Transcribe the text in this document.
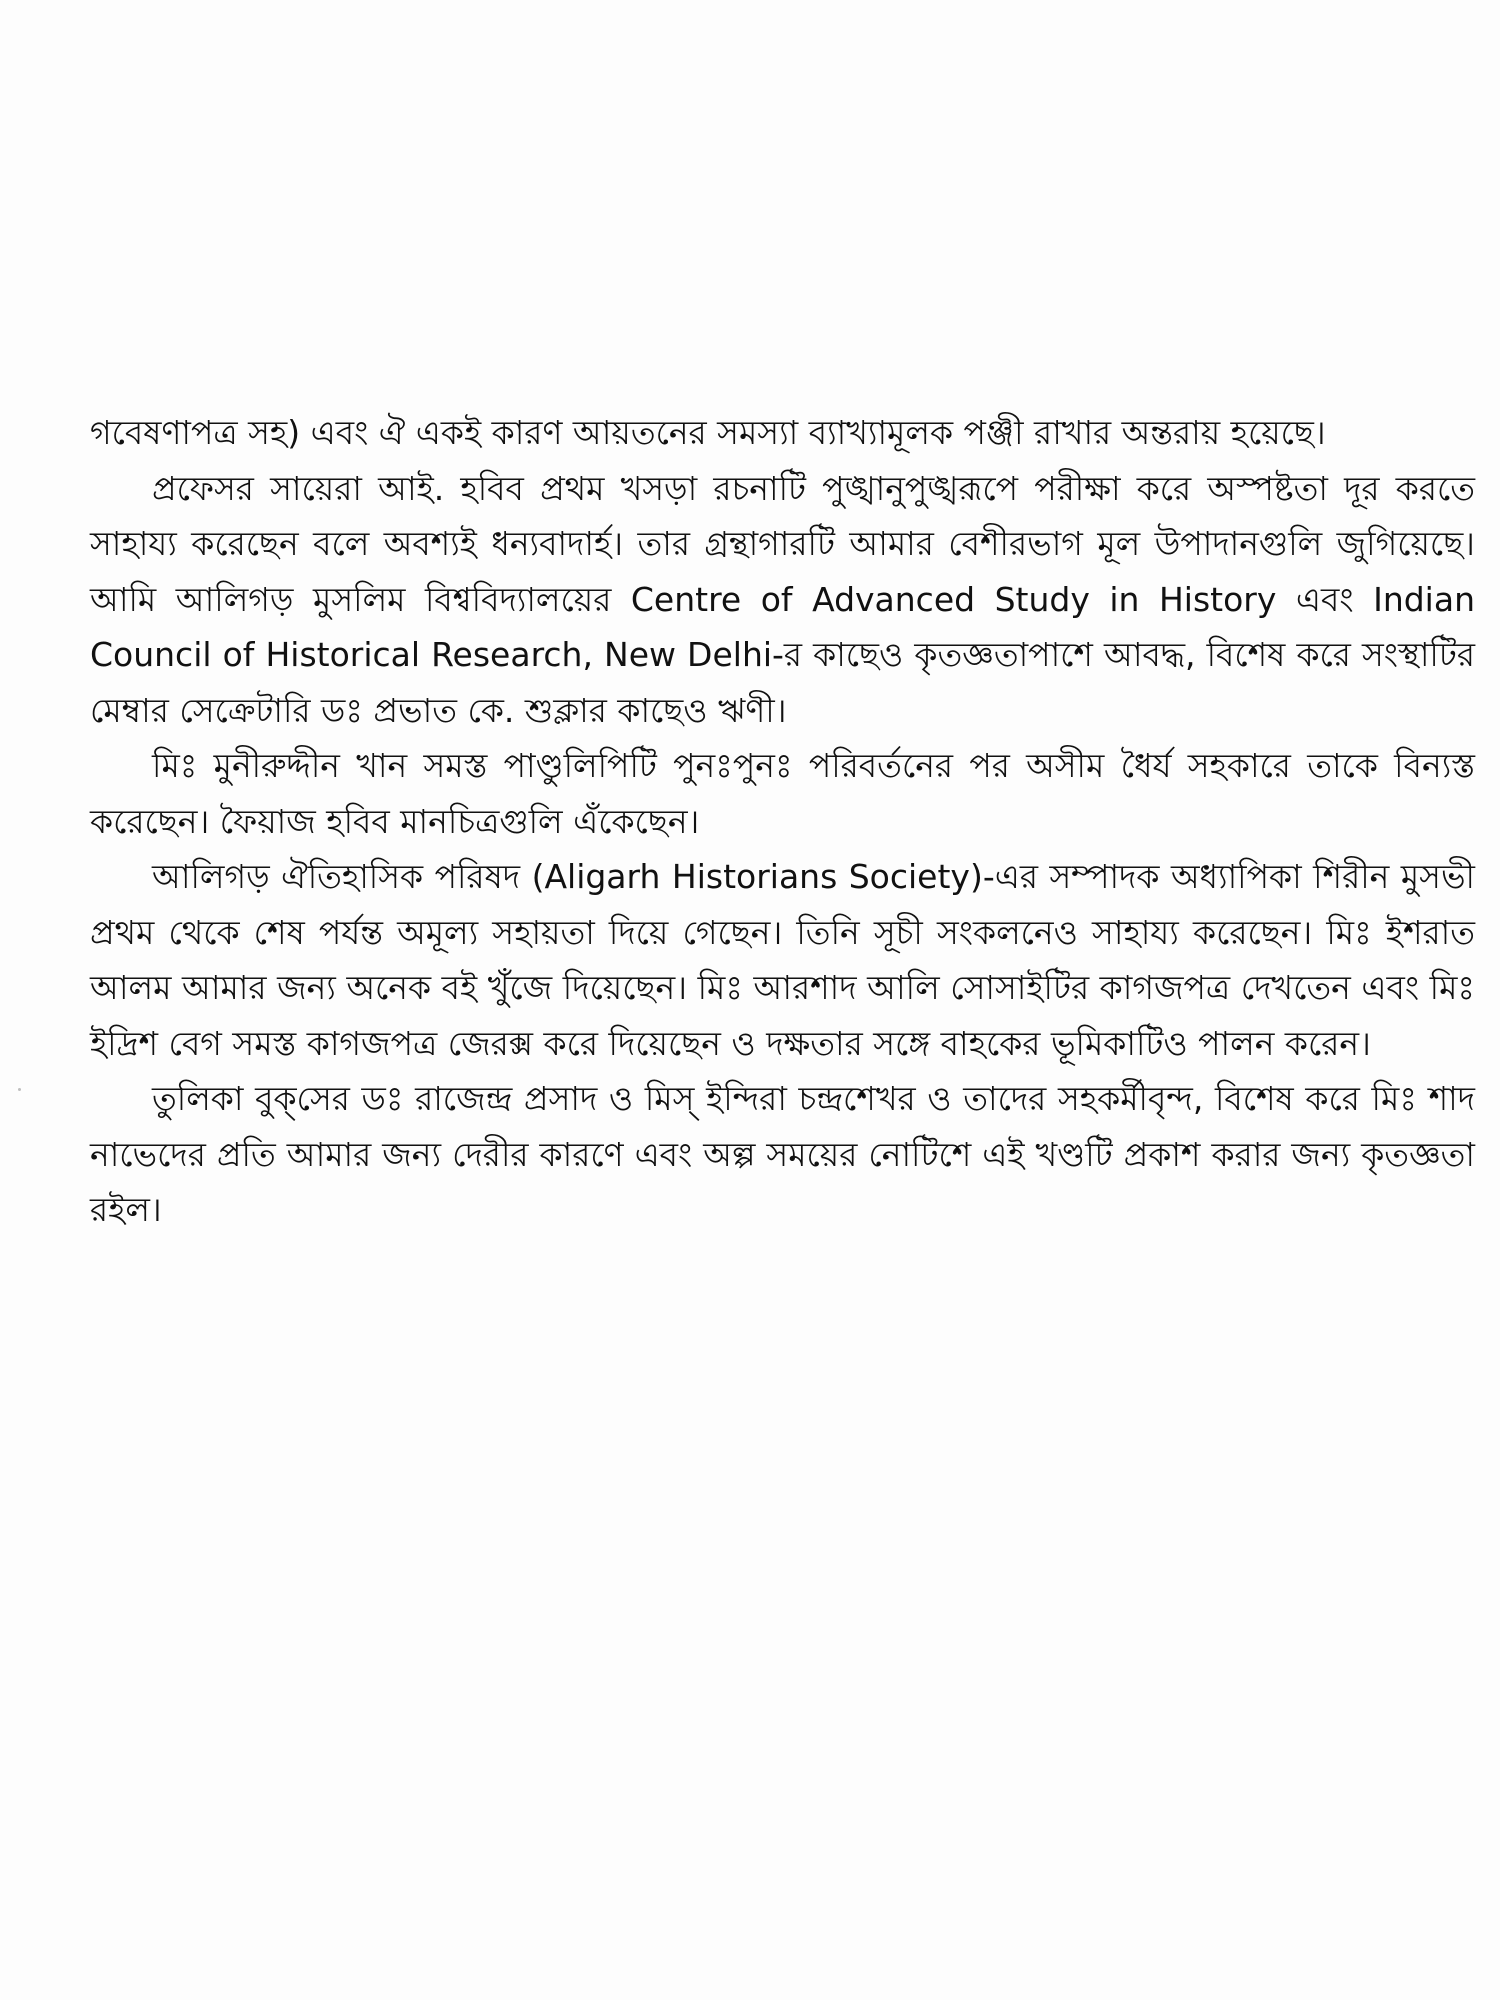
গবেষণাপত্র সহ) এবং ঐ একই কারণ আয়তনের সমস্যা ব্যাখ্যামূলক পঞ্জী রাখার অন্তরায় হয়েছে।

প্রফেসর সায়েরা আই. হবিব প্রথম খসড়া রচনাটি পুঙ্খানুপুঙ্খরূপে পরীক্ষা করে অস্পষ্টতা দূর করতে সাহায্য করেছেন বলে অবশ্যই ধন্যবাদার্হ। তার গ্রন্থাগারটি আমার বেশীরভাগ মূল উপাদানগুলি জুগিয়েছে। আমি আলিগড় মুসলিম বিশ্ববিদ্যালয়ের Centre of Advanced Study in History এবং Indian Council of Historical Research, New Delhi-র কাছেও কৃতজ্ঞতাপাশে আবদ্ধ, বিশেষ করে সংস্থাটির মেম্বার সেক্রেটারি ডঃ প্রভাত কে. শুক্লার কাছেও ঋণী।

মিঃ মুনীরুদ্দীন খান সমস্ত পাণ্ডুলিপিটি পুনঃপুনঃ পরিবর্তনের পর অসীম ধৈর্য সহকারে তাকে বিন্যস্ত করেছেন। ফৈয়াজ হবিব মানচিত্রগুলি এঁকেছেন।

আলিগড় ঐতিহাসিক পরিষদ (Aligarh Historians Society)-এর সম্পাদক অধ্যাপিকা শিরীন মুসভী প্রথম থেকে শেষ পর্যন্ত অমূল্য সহায়তা দিয়ে গেছেন। তিনি সূচী সংকলনেও সাহায্য করেছেন। মিঃ ইশরাত আলম আমার জন্য অনেক বই খুঁজে দিয়েছেন। মিঃ আরশাদ আলি সোসাইটির কাগজপত্র দেখতেন এবং মিঃ ইদ্রিশ বেগ সমস্ত কাগজপত্র জেরক্স করে দিয়েছেন ও দক্ষতার সঙ্গে বাহকের ভূমিকাটিও পালন করেন।

তুলিকা বুক্‌সের ডঃ রাজেন্দ্র প্রসাদ ও মিস্ ইন্দিরা চন্দ্রশেখর ও তাদের সহকর্মীবৃন্দ, বিশেষ করে মিঃ শাদ নাভেদের প্রতি আমার জন্য দেরীর কারণে এবং অল্প সময়ের নোটিশে এই খণ্ডটি প্রকাশ করার জন্য কৃতজ্ঞতা রইল।
